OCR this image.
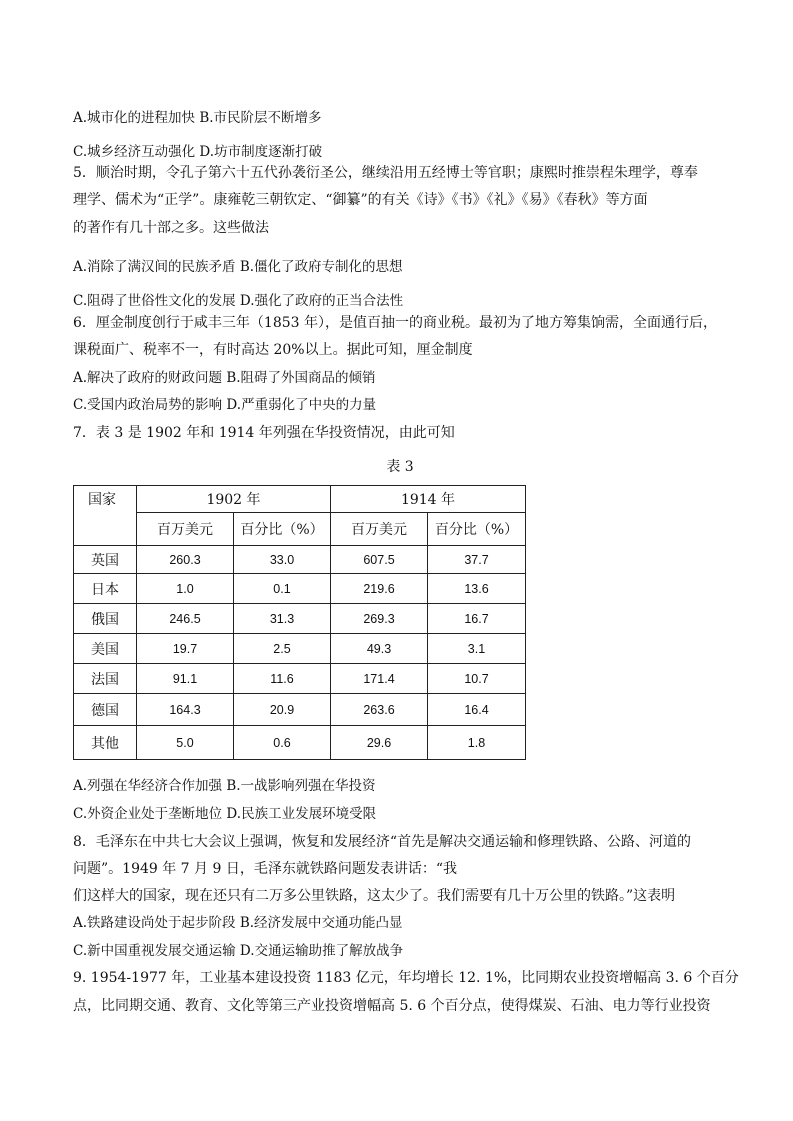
A.城市化的进程加快 B.市民阶层不断增多
C.城乡经济互动强化 D.坊市制度逐渐打破
5．顺治时期，令孔子第六十五代孙袭衍圣公，继续沿用五经博士等官职；康熙时推崇程朱理学，尊奉
理学、儒术为“正学”。康雍乾三朝钦定、“御纂”的有关《诗》《书》《礼》《易》《春秋》等方面
的著作有几十部之多。这些做法
A.消除了满汉间的民族矛盾 B.僵化了政府专制化的思想
C.阻碍了世俗性文化的发展 D.强化了政府的正当合法性
6．厘金制度创行于咸丰三年（1853 年），是值百抽一的商业税。最初为了地方筹集饷需，全面通行后，
课税面广、税率不一，有时高达 20%以上。据此可知，厘金制度
A.解决了政府的财政问题 B.阻碍了外国商品的倾销
C.受国内政治局势的影响 D.严重弱化了中央的力量
7．表 3 是 1902 年和 1914 年列强在华投资情况，由此可知
表 3
国家	1902 年		1914 年	
	百万美元	百分比（%）	百万美元	百分比（%）
英国	260.3	33.0	607.5	37.7
日本	1.0	0.1	219.6	13.6
俄国	246.5	31.3	269.3	16.7
美国	19.7	2.5	49.3	3.1
法国	91.1	11.6	171.4	10.7
德国	164.3	20.9	263.6	16.4
其他	5.0	0.6	29.6	1.8
A.列强在华经济合作加强 B.一战影响列强在华投资
C.外资企业处于垄断地位 D.民族工业发展环境受限
8．毛泽东在中共七大会议上强调，恢复和发展经济“首先是解决交通运输和修理铁路、公路、河道的
问题”。1949 年 7 月 9 日，毛泽东就铁路问题发表讲话：“我
们这样大的国家，现在还只有二万多公里铁路，这太少了。我们需要有几十万公里的铁路。”这表明
A.铁路建设尚处于起步阶段 B.经济发展中交通功能凸显
C.新中国重视发展交通运输 D.交通运输助推了解放战争
9. 1954-1977 年，工业基本建设投资 1183 亿元，年均增长 12. 1%，比同期农业投资增幅高 3. 6 个百分
点，比同期交通、教育、文化等第三产业投资增幅高 5. 6 个百分点，使得煤炭、石油、电力等行业投资
